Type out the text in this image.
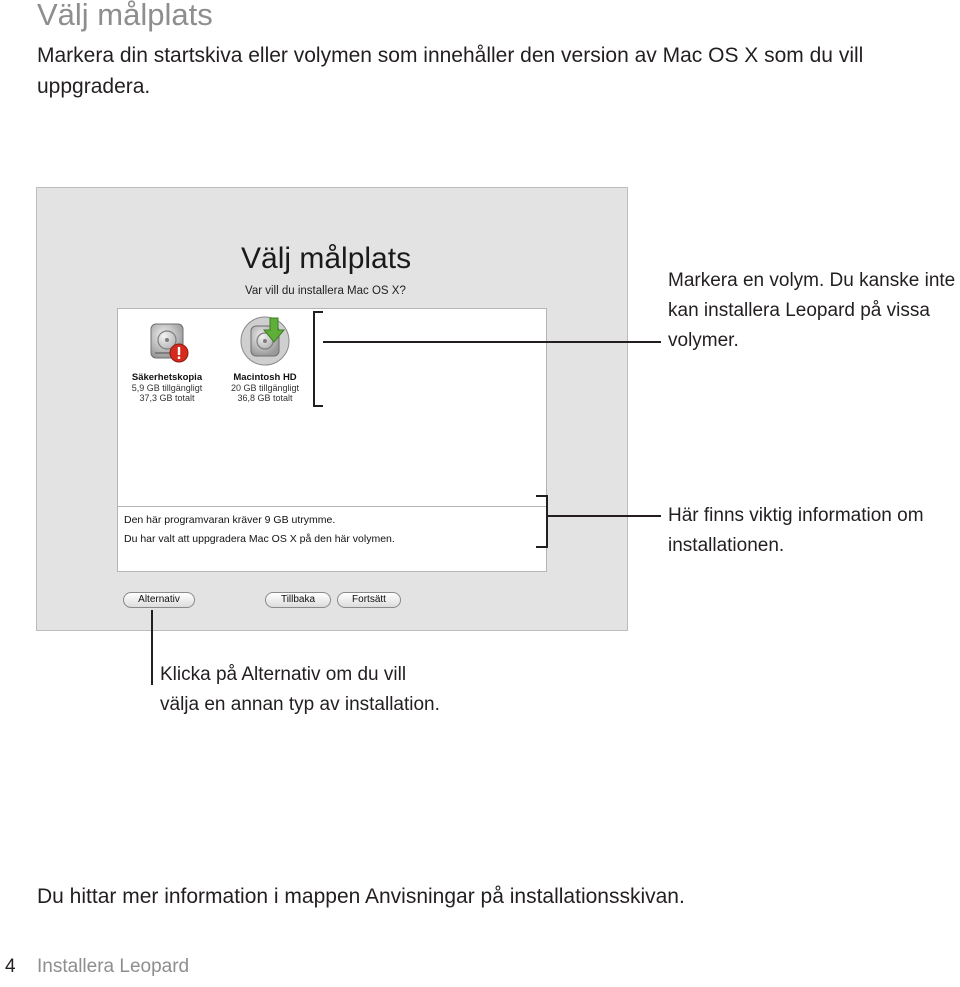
Välj målplats

Markera din startskiva eller volymen som innehåller den version av Mac OS X som du vill uppgradera.

Välj målplats
Var vill du installera Mac OS X?
Säkerhetskopia
5,9 GB tillgängligt
37,3 GB totalt
Macintosh HD
20 GB tillgängligt
36,8 GB totalt
Den här programvaran kräver 9 GB utrymme.
Du har valt att uppgradera Mac OS X på den här volymen.
Alternativ	Tillbaka	Fortsätt

Markera en volym. Du kanske inte kan installera Leopard på vissa volymer.

Här finns viktig information om installationen.

Klicka på Alternativ om du vill välja en annan typ av installation.

Du hittar mer information i mappen Anvisningar på installationsskivan.
4 Installera Leopard
